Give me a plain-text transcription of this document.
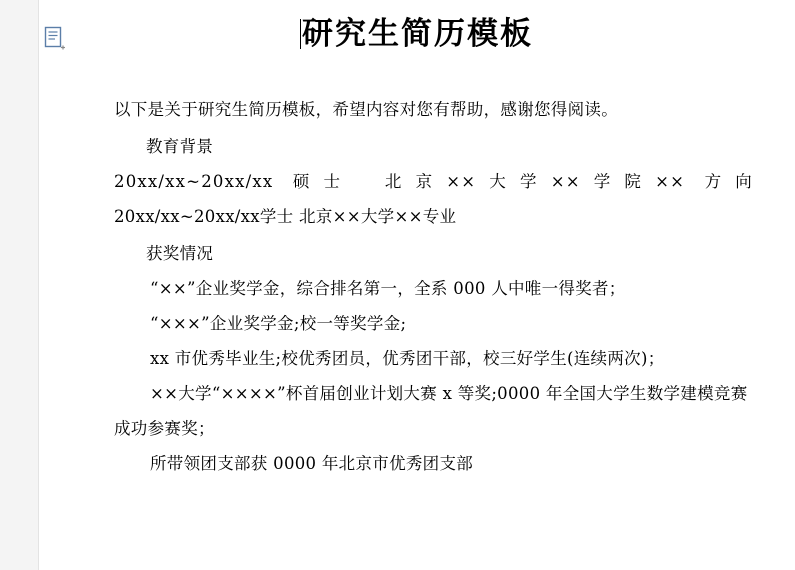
研究生简历模板

以下是关于研究生简历模板，希望内容对您有帮助，感谢您得阅读。

教育背景

20xx/xx~20xx/xx 硕士　北京××大学××学院×× 方向

20xx/xx~20xx/xx学士 北京××大学××专业

获奖情况

“××”企业奖学金，综合排名第一，全系 000 人中唯一得奖者；

“×××”企业奖学金;校一等奖学金;

xx 市优秀毕业生;校优秀团员，优秀团干部，校三好学生(连续两次)；

××大学“××××”杯首届创业计划大赛 x 等奖;0000 年全国大学生数学建模竞赛成功参赛奖；

所带领团支部获 0000 年北京市优秀团支部
